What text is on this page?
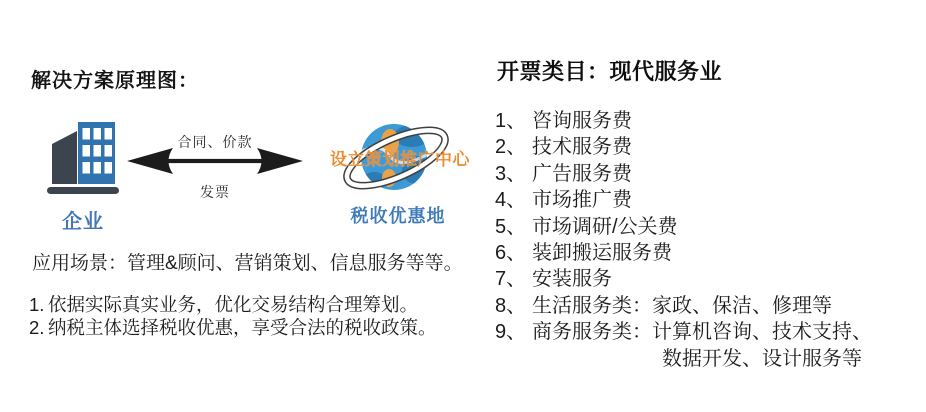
解决方案原理图：
企业
合同、价款
发票
设立策划推广中心
税收优惠地
应用场景：管理&顾问、营销策划、信息服务等等。
1. 依据实际真实业务，优化交易结构合理筹划。
2. 纳税主体选择税收优惠，享受合法的税收政策。
开票类目：现代服务业
1、 咨询服务费
2、 技术服务费
3、 广告服务费
4、 市场推广费
5、 市场调研/公关费
6、 装卸搬运服务费
7、 安装服务
8、 生活服务类：家政、保洁、修理等
9、 商务服务类：计算机咨询、技术支持、
数据开发、设计服务等
